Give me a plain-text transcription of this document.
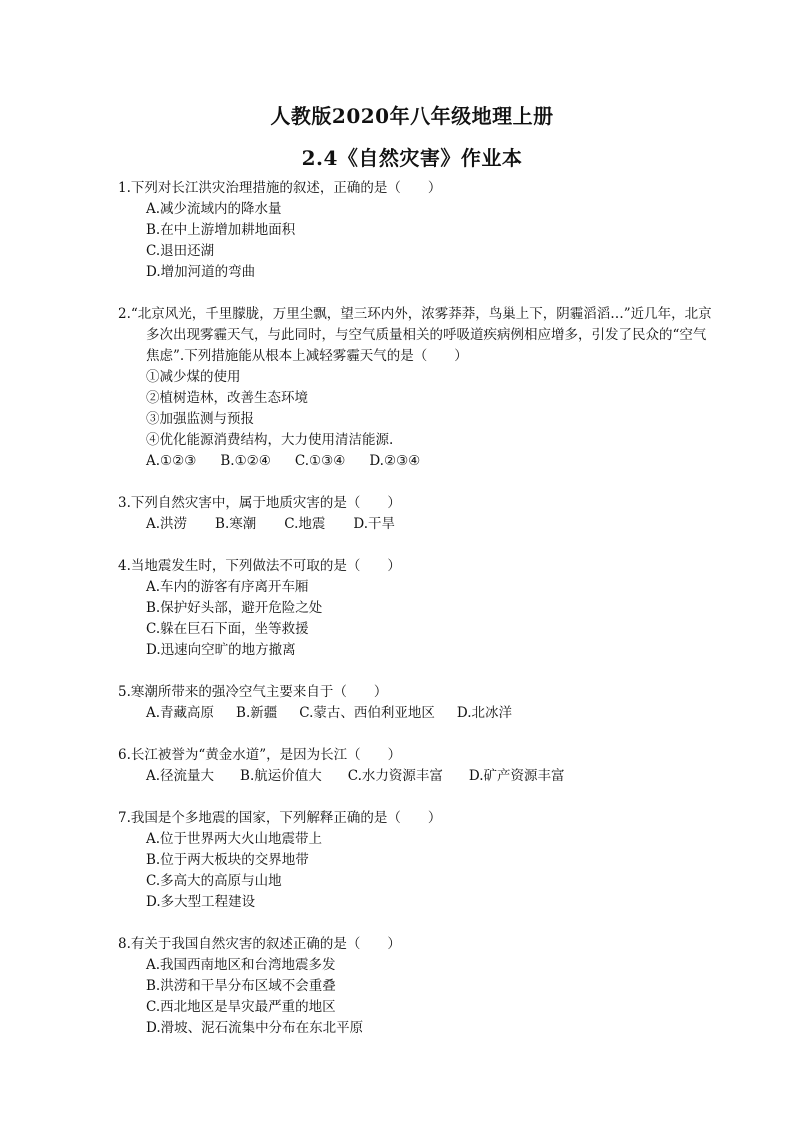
人教版2020年八年级地理上册
2.4《自然灾害》作业本
1.下列对长江洪灾治理措施的叙述，正确的是（　　）
A.减少流域内的降水量
B.在中上游增加耕地面积
C.退田还湖
D.增加河道的弯曲
2.“北京风光，千里朦胧，万里尘飘，望三环内外，浓雾莽莽，鸟巢上下，阴霾滔滔…”近几年，北京多次出现雾霾天气，与此同时，与空气质量相关的呼吸道疾病例相应增多，引发了民众的“空气焦虑”.下列措施能从根本上减轻雾霾天气的是（　　）
①减少煤的使用
②植树造林，改善生态环境
③加强监测与预报
④优化能源消费结构，大力使用清洁能源.
A.①②③ B.①②④ C.①③④ D.②③④
3.下列自然灾害中，属于地质灾害的是（　　）
A.洪涝 B.寒潮 C.地震 D.干旱
4.当地震发生时，下列做法不可取的是（　　）
A.车内的游客有序离开车厢
B.保护好头部，避开危险之处
C.躲在巨石下面，坐等救援
D.迅速向空旷的地方撤离
5.寒潮所带来的强冷空气主要来自于（　　）
A.青藏高原 B.新疆 C.蒙古、西伯利亚地区 D.北冰洋
6.长江被誉为“黄金水道”，是因为长江（　　）
A.径流量大 B.航运价值大 C.水力资源丰富 D.矿产资源丰富
7.我国是个多地震的国家，下列解释正确的是（　　）
A.位于世界两大火山地震带上
B.位于两大板块的交界地带
C.多高大的高原与山地
D.多大型工程建设
8.有关于我国自然灾害的叙述正确的是（　　）
A.我国西南地区和台湾地震多发
B.洪涝和干旱分布区域不会重叠
C.西北地区是旱灾最严重的地区
D.滑坡、泥石流集中分布在东北平原
